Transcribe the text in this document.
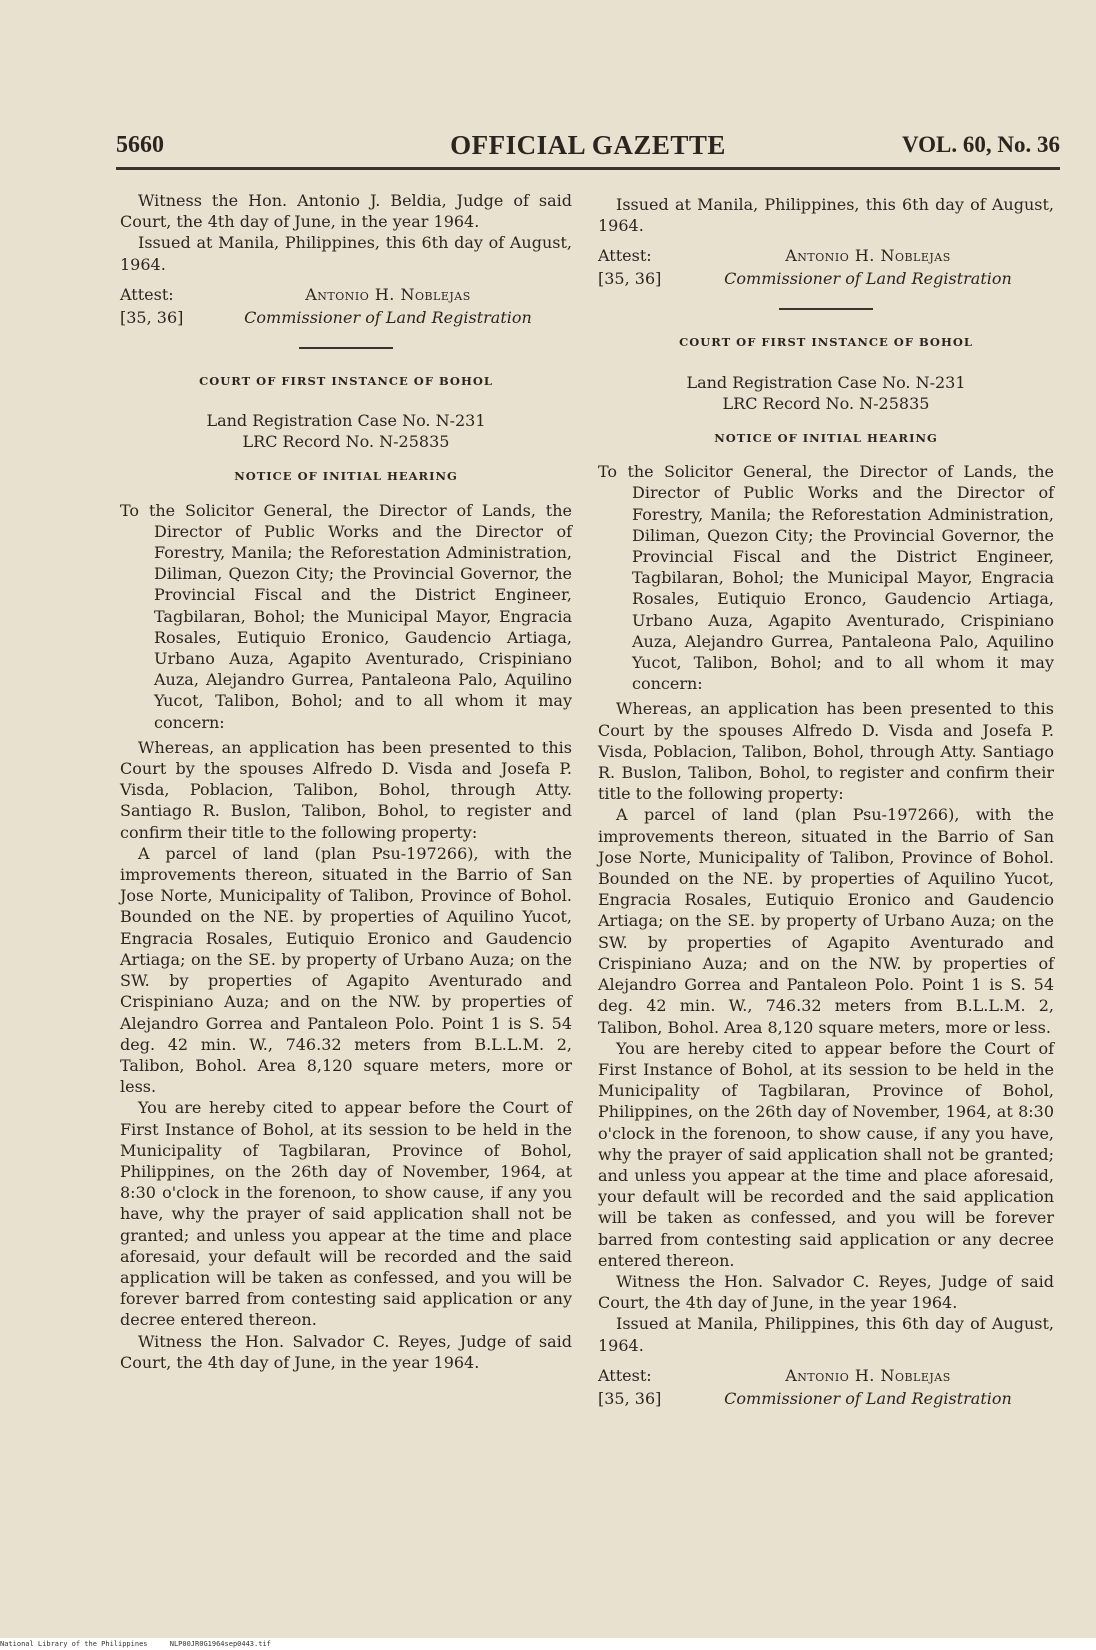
5660	OFFICIAL GAZETTE	VOL. 60, No. 36

Witness the Hon. Antonio J. Beldia, Judge of said Court, the 4th day of June, in the year 1964.

Issued at Manila, Philippines, this 6th day of August, 1964.

Attest:	Antonio H. Noblejas
[35, 36]	Commissioner of Land Registration
COURT OF FIRST INSTANCE OF BOHOL
Land Registration Case No. N-231
LRC Record No. N-25835
NOTICE OF INITIAL HEARING

To the Solicitor General, the Director of Lands, the Director of Public Works and the Director of Forestry, Manila; the Reforestation Administration, Diliman, Quezon City; the Provincial Governor, the Provincial Fiscal and the District Engineer, Tagbilaran, Bohol; the Municipal Mayor, Engracia Rosales, Eutiquio Eronico, Gaudencio Artiaga, Urbano Auza, Agapito Aventurado, Crispiniano Auza, Alejandro Gurrea, Pantaleona Palo, Aquilino Yucot, Talibon, Bohol; and to all whom it may concern:

Whereas, an application has been presented to this Court by the spouses Alfredo D. Visda and Josefa P. Visda, Poblacion, Talibon, Bohol, through Atty. Santiago R. Buslon, Talibon, Bohol, to register and confirm their title to the following property:

A parcel of land (plan Psu-197266), with the improvements thereon, situated in the Barrio of San Jose Norte, Municipality of Talibon, Province of Bohol. Bounded on the NE. by properties of Aquilino Yucot, Engracia Rosales, Eutiquio Eronico and Gaudencio Artiaga; on the SE. by property of Urbano Auza; on the SW. by properties of Agapito Aventurado and Crispiniano Auza; and on the NW. by properties of Alejandro Gorrea and Pantaleon Polo. Point 1 is S. 54 deg. 42 min. W., 746.32 meters from B.L.L.M. 2, Talibon, Bohol. Area 8,120 square meters, more or less.

You are hereby cited to appear before the Court of First Instance of Bohol, at its session to be held in the Municipality of Tagbilaran, Province of Bohol, Philippines, on the 26th day of November, 1964, at 8:30 o'clock in the forenoon, to show cause, if any you have, why the prayer of said application shall not be granted; and unless you appear at the time and place aforesaid, your default will be recorded and the said application will be taken as confessed, and you will be forever barred from contesting said application or any decree entered thereon.

Witness the Hon. Salvador C. Reyes, Judge of said Court, the 4th day of June, in the year 1964.

Issued at Manila, Philippines, this 6th day of August, 1964.

Attest:	Antonio H. Noblejas
[35, 36]	Commissioner of Land Registration
COURT OF FIRST INSTANCE OF BOHOL
Land Registration Case No. N-231
LRC Record No. N-25835
NOTICE OF INITIAL HEARING

To the Solicitor General, the Director of Lands, the Director of Public Works and the Director of Forestry, Manila; the Reforestation Administration, Diliman, Quezon City; the Provincial Governor, the Provincial Fiscal and the District Engineer, Tagbilaran, Bohol; the Municipal Mayor, Engracia Rosales, Eutiquio Eronco, Gaudencio Artiaga, Urbano Auza, Agapito Aventurado, Crispiniano Auza, Alejandro Gurrea, Pantaleona Palo, Aquilino Yucot, Talibon, Bohol; and to all whom it may concern:

Whereas, an application has been presented to this Court by the spouses Alfredo D. Visda and Josefa P. Visda, Poblacion, Talibon, Bohol, through Atty. Santiago R. Buslon, Talibon, Bohol, to register and confirm their title to the following property:

A parcel of land (plan Psu-197266), with the improvements thereon, situated in the Barrio of San Jose Norte, Municipality of Talibon, Province of Bohol. Bounded on the NE. by properties of Aquilino Yucot, Engracia Rosales, Eutiquio Eronico and Gaudencio Artiaga; on the SE. by property of Urbano Auza; on the SW. by properties of Agapito Aventurado and Crispiniano Auza; and on the NW. by properties of Alejandro Gorrea and Pantaleon Polo. Point 1 is S. 54 deg. 42 min. W., 746.32 meters from B.L.L.M. 2, Talibon, Bohol. Area 8,120 square meters, more or less.

You are hereby cited to appear before the Court of First Instance of Bohol, at its session to be held in the Municipality of Tagbilaran, Province of Bohol, Philippines, on the 26th day of November, 1964, at 8:30 o'clock in the forenoon, to show cause, if any you have, why the prayer of said application shall not be granted; and unless you appear at the time and place aforesaid, your default will be recorded and the said application will be taken as confessed, and you will be forever barred from contesting said application or any decree entered thereon.

Witness the Hon. Salvador C. Reyes, Judge of said Court, the 4th day of June, in the year 1964.

Issued at Manila, Philippines, this 6th day of August, 1964.

Attest:	Antonio H. Noblejas
[35, 36]	Commissioner of Land Registration
National Library of the Philippines	NLP00JR0G1964sep0443.tif
